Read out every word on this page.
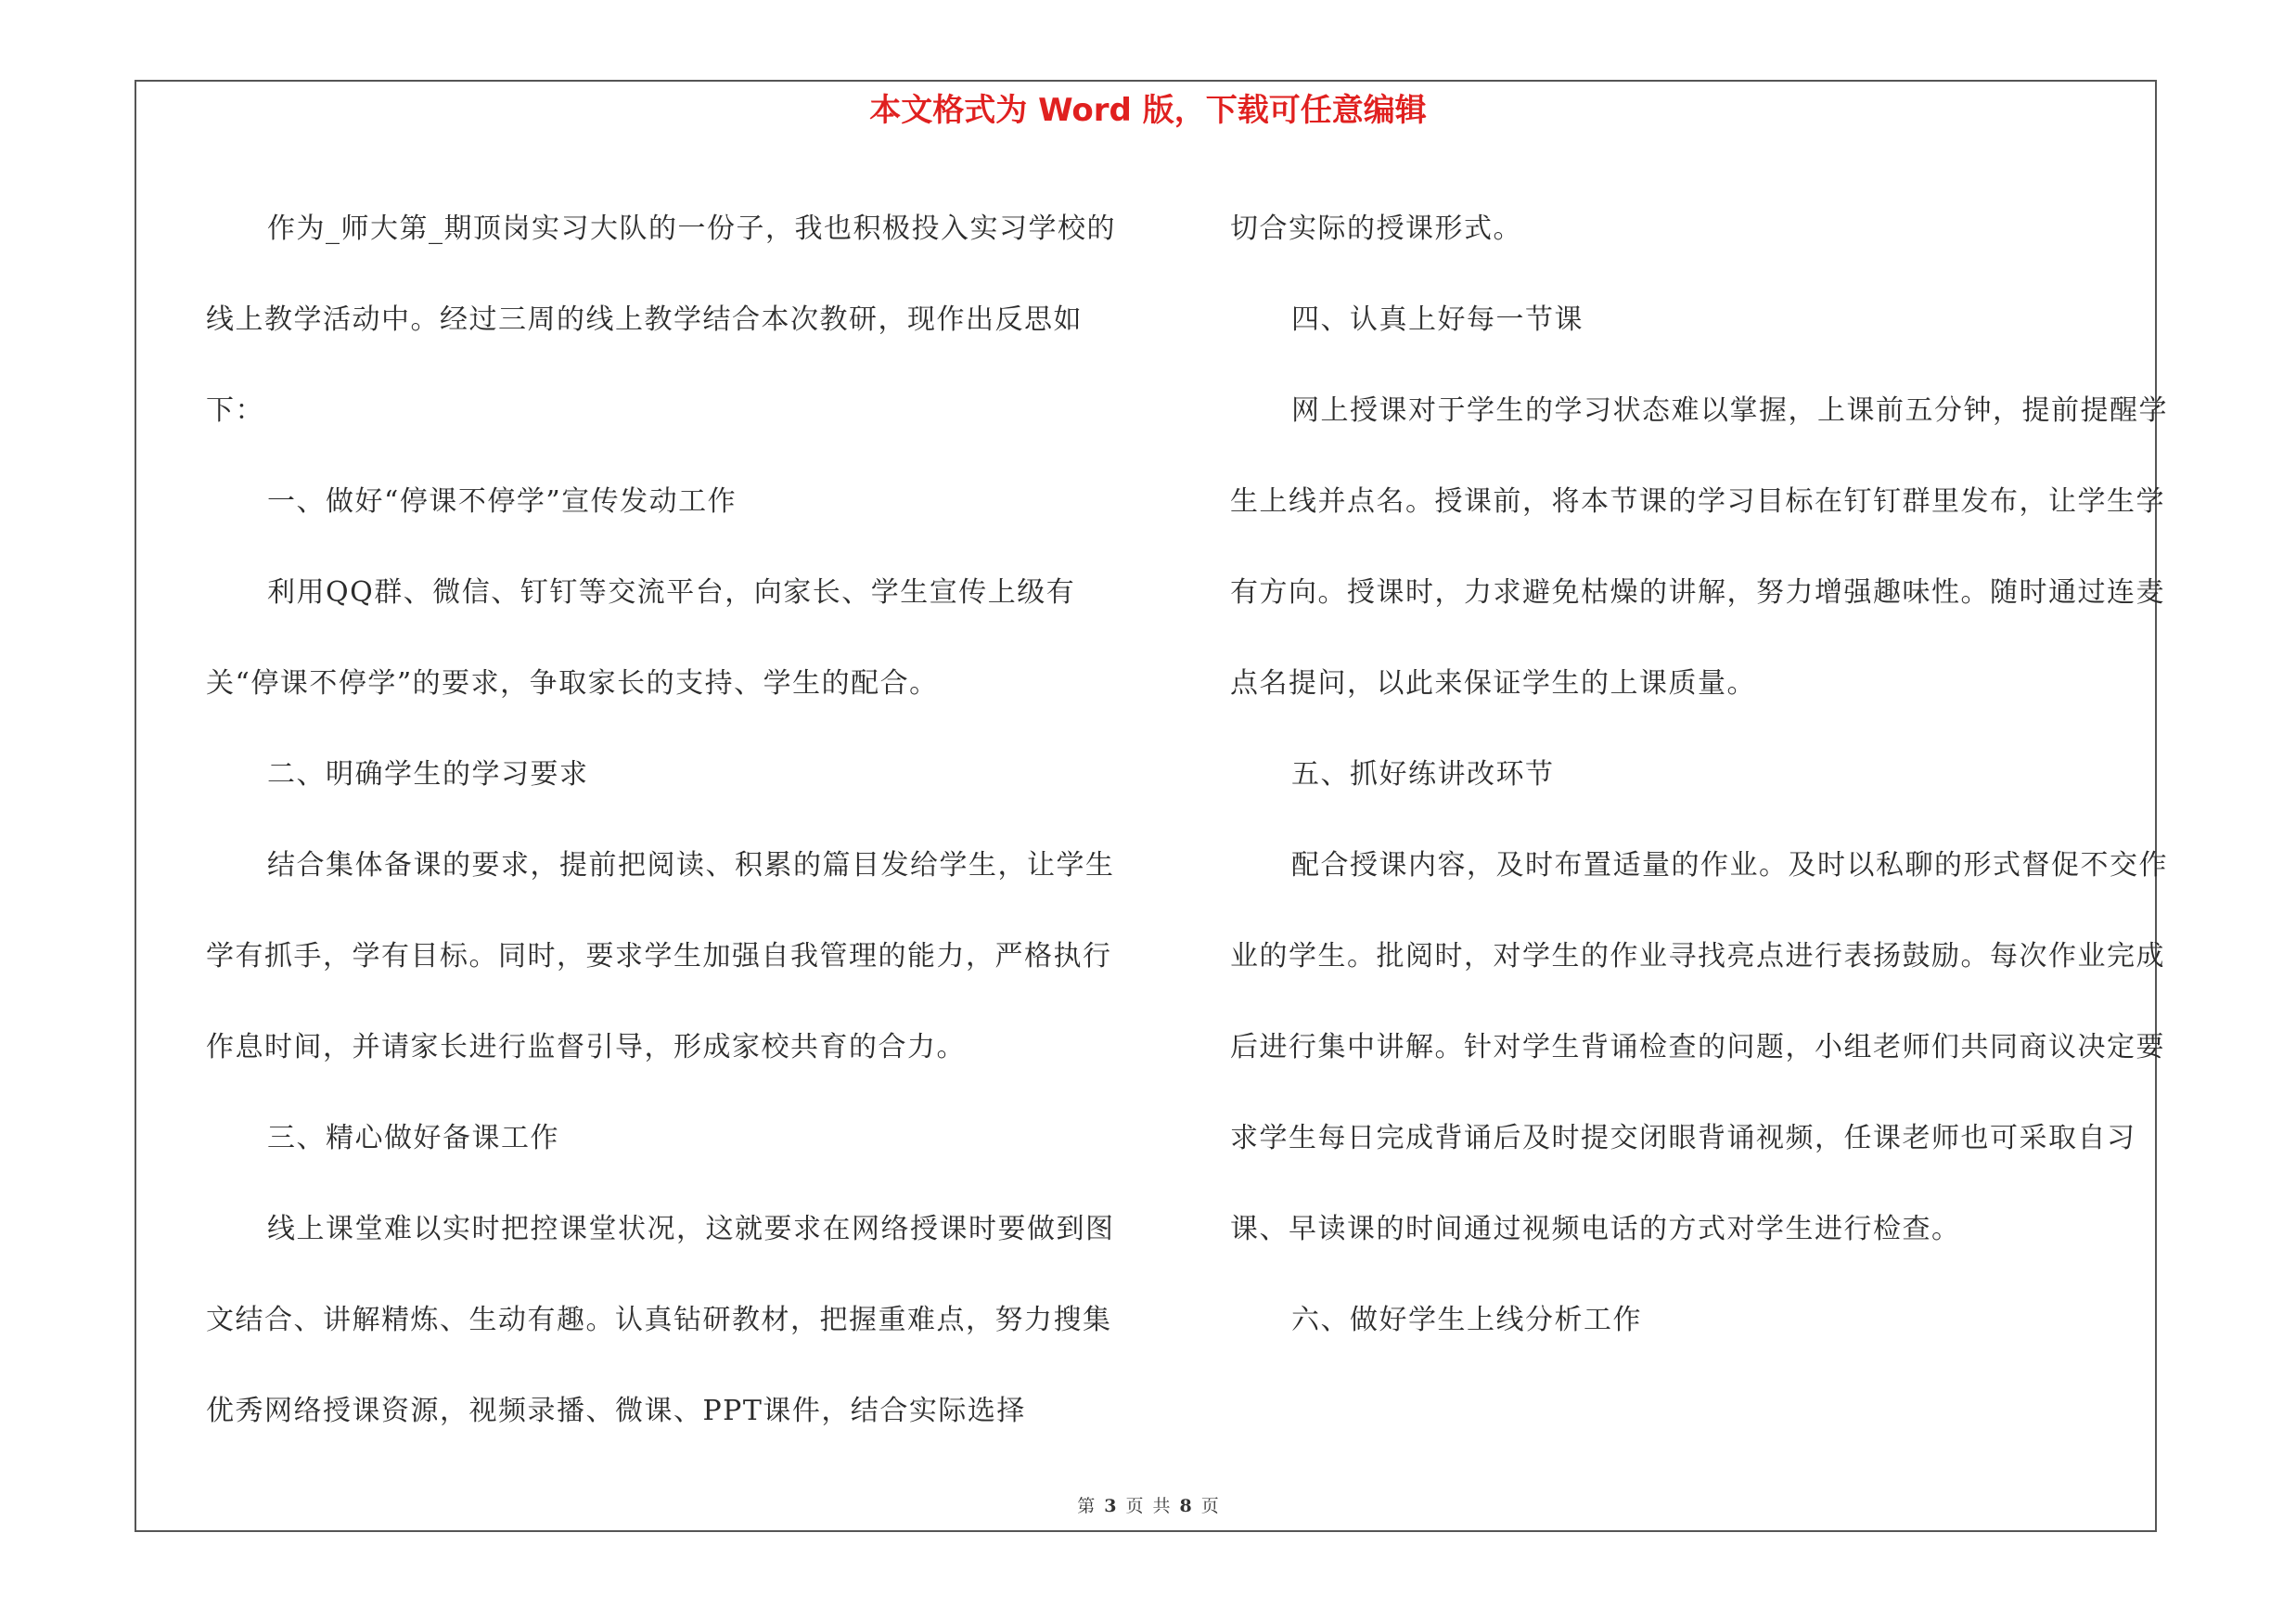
本文格式为 Word 版，下载可任意编辑

作为_师大第_期顶岗实习大队的一份子，我也积极投入实习学校的线上教学活动中。经过三周的线上教学结合本次教研，现作出反思如下：

一、做好“停课不停学”宣传发动工作

利用QQ群、微信、钉钉等交流平台，向家长、学生宣传上级有关“停课不停学”的要求，争取家长的支持、学生的配合。

二、明确学生的学习要求

结合集体备课的要求，提前把阅读、积累的篇目发给学生，让学生学有抓手，学有目标。同时，要求学生加强自我管理的能力，严格执行作息时间，并请家长进行监督引导，形成家校共育的合力。

三、精心做好备课工作

线上课堂难以实时把控课堂状况，这就要求在网络授课时要做到图文结合、讲解精炼、生动有趣。认真钻研教材，把握重难点，努力搜集优秀网络授课资源，视频录播、微课、PPT课件，结合实际选择

切合实际的授课形式。

四、认真上好每一节课

网上授课对于学生的学习状态难以掌握，上课前五分钟，提前提醒学生上线并点名。授课前，将本节课的学习目标在钉钉群里发布，让学生学有方向。授课时，力求避免枯燥的讲解，努力增强趣味性。随时通过连麦点名提问，以此来保证学生的上课质量。

五、抓好练讲改环节

配合授课内容，及时布置适量的作业。及时以私聊的形式督促不交作业的学生。批阅时，对学生的作业寻找亮点进行表扬鼓励。每次作业完成后进行集中讲解。针对学生背诵检查的问题，小组老师们共同商议决定要求学生每日完成背诵后及时提交闭眼背诵视频，任课老师也可采取自习课、早读课的时间通过视频电话的方式对学生进行检查。

六、做好学生上线分析工作

第 3 页 共 8 页
